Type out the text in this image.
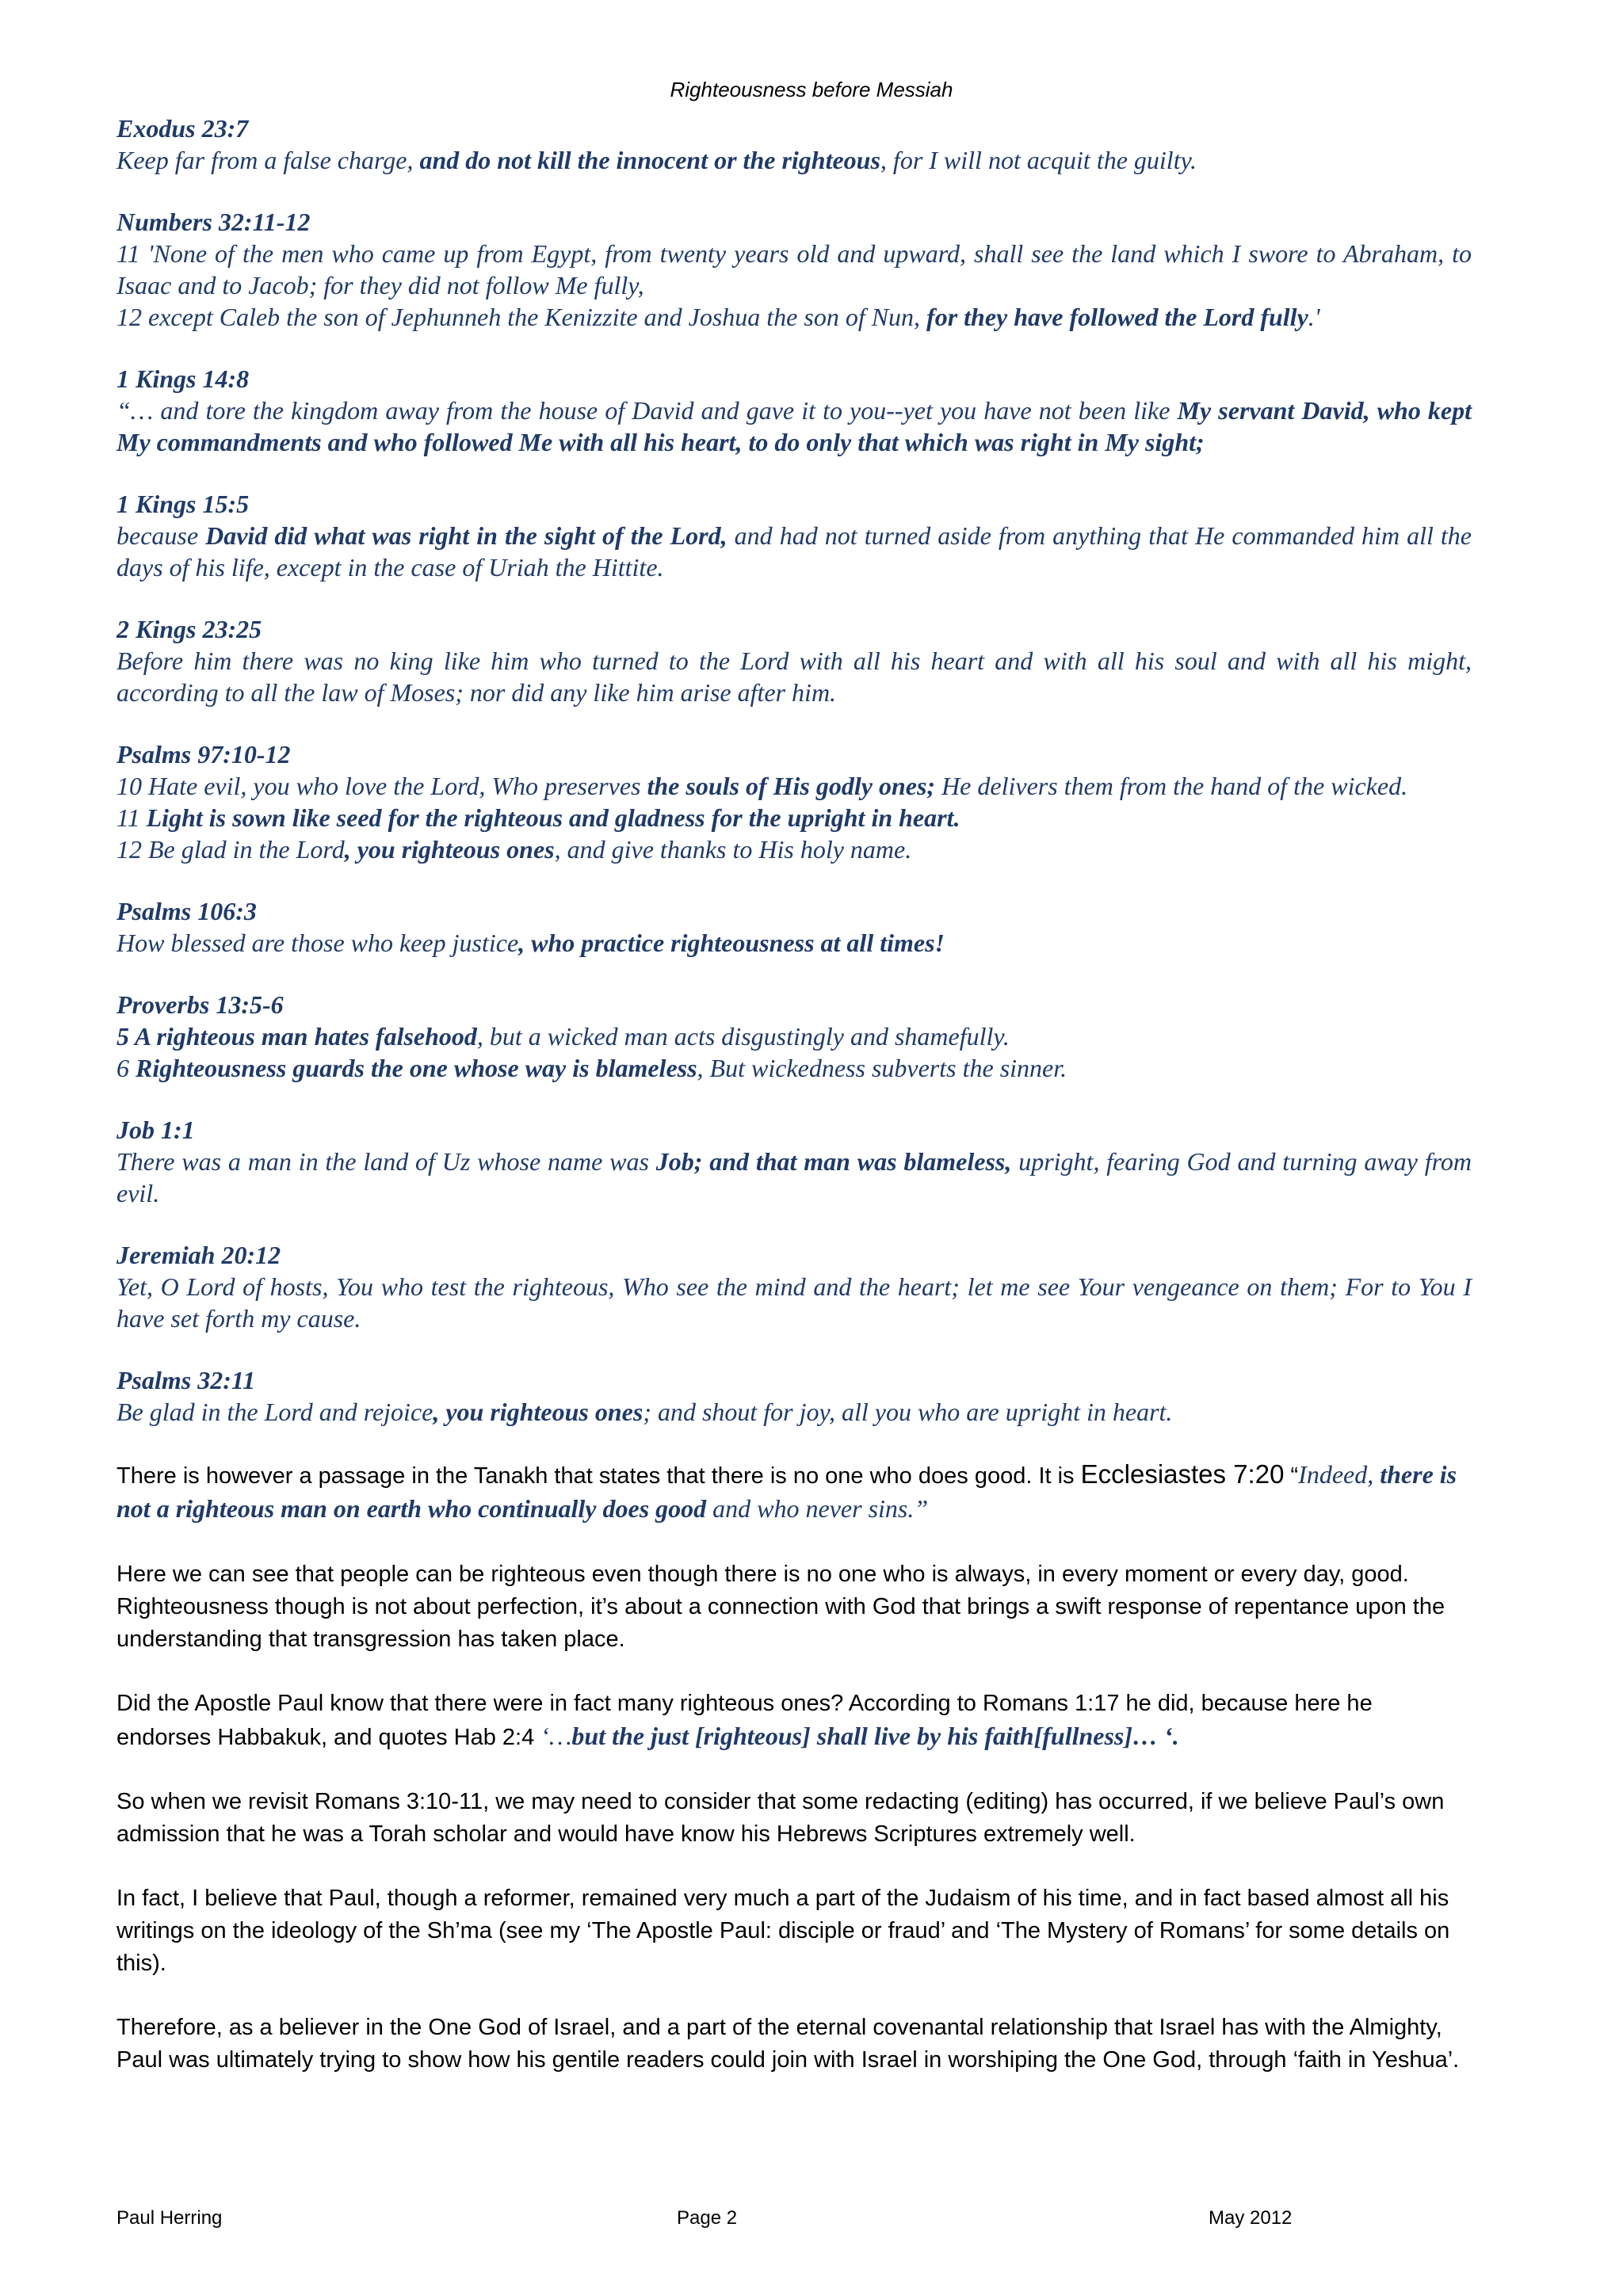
Righteousness before Messiah
Exodus 23:7
Keep far from a false charge, and do not kill the innocent or the righteous, for I will not acquit the guilty.
Numbers 32:11-12
11 'None of the men who came up from Egypt, from twenty years old and upward, shall see the land which I swore to Abraham, to Isaac and to Jacob; for they did not follow Me fully,
12 except Caleb the son of Jephunneh the Kenizzite and Joshua the son of Nun, for they have followed the Lord fully.'
1 Kings 14:8
“… and tore the kingdom away from the house of David and gave it to you--yet you have not been like My servant David, who kept My commandments and who followed Me with all his heart, to do only that which was right in My sight;
1 Kings 15:5
because David did what was right in the sight of the Lord, and had not turned aside from anything that He commanded him all the days of his life, except in the case of Uriah the Hittite.
2 Kings 23:25
Before him there was no king like him who turned to the Lord with all his heart and with all his soul and with all his might, according to all the law of Moses; nor did any like him arise after him.
Psalms 97:10-12
10 Hate evil, you who love the Lord, Who preserves the souls of His godly ones; He delivers them from the hand of the wicked.
11 Light is sown like seed for the righteous and gladness for the upright in heart.
12 Be glad in the Lord, you righteous ones, and give thanks to His holy name.
Psalms 106:3
How blessed are those who keep justice, who practice righteousness at all times!
Proverbs 13:5-6
5 A righteous man hates falsehood, but a wicked man acts disgustingly and shamefully.
6 Righteousness guards the one whose way is blameless, But wickedness subverts the sinner.
Job 1:1
There was a man in the land of Uz whose name was Job; and that man was blameless, upright, fearing God and turning away from evil.
Jeremiah 20:12
Yet, O Lord of hosts, You who test the righteous, Who see the mind and the heart; let me see Your vengeance on them; For to You I have set forth my cause.
Psalms 32:11
Be glad in the Lord and rejoice, you righteous ones; and shout for joy, all you who are upright in heart.

There is however a passage in the Tanakh that states that there is no one who does good. It is Ecclesiastes 7:20 “Indeed, there is not a righteous man on earth who continually does good and who never sins.”

Here we can see that people can be righteous even though there is no one who is always, in every moment or every day, good. Righteousness though is not about perfection, it’s about a connection with God that brings a swift response of repentance upon the understanding that transgression has taken place.

Did the Apostle Paul know that there were in fact many righteous ones? According to Romans 1:17 he did, because here he endorses Habbakuk, and quotes Hab 2:4 ‘…but the just [righteous] shall live by his faith[fullness]… ‘.

So when we revisit Romans 3:10-11, we may need to consider that some redacting (editing) has occurred, if we believe Paul’s own admission that he was a Torah scholar and would have know his Hebrews Scriptures extremely well.

In fact, I believe that Paul, though a reformer, remained very much a part of the Judaism of his time, and in fact based almost all his writings on the ideology of the Sh’ma (see my ‘The Apostle Paul: disciple or fraud’ and ‘The Mystery of Romans’ for some details on this).

Therefore, as a believer in the One God of Israel, and a part of the eternal covenantal relationship that Israel has with the Almighty, Paul was ultimately trying to show how his gentile readers could join with Israel in worshiping the One God, through ‘faith in Yeshua’.

Paul Herring	Page 2	May 2012
